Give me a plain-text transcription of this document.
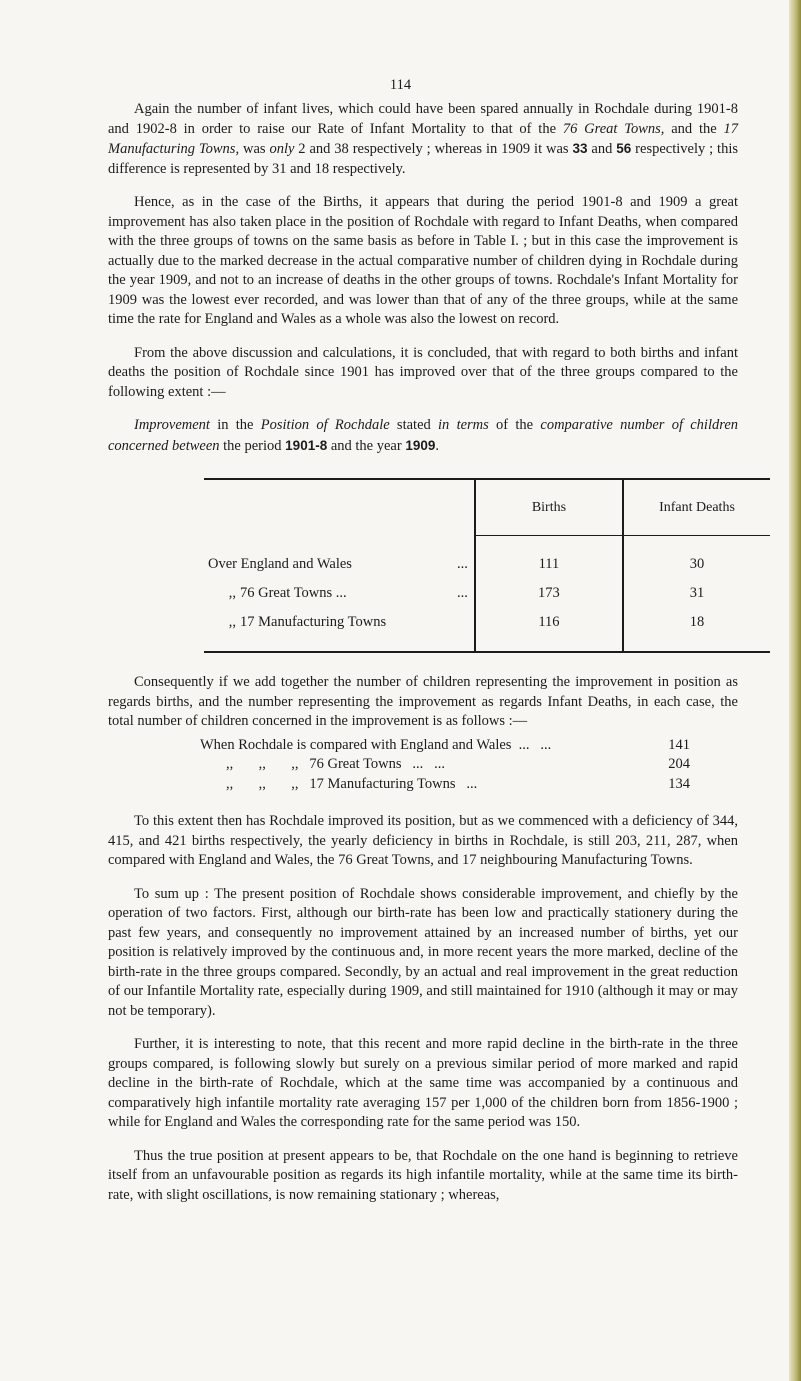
114

Again the number of infant lives, which could have been spared annually in Rochdale during 1901-8 and 1902-8 in order to raise our Rate of Infant Mortality to that of the 76 Great Towns, and the 17 Manufacturing Towns, was only 2 and 38 respectively ; whereas in 1909 it was 33 and 56 respectively ; this difference is represented by 31 and 18 respectively.

Hence, as in the case of the Births, it appears that during the period 1901-8 and 1909 a great improvement has also taken place in the position of Rochdale with regard to Infant Deaths, when compared with the three groups of towns on the same basis as before in Table I. ; but in this case the improvement is actually due to the marked decrease in the actual comparative number of children dying in Rochdale during the year 1909, and not to an increase of deaths in the other groups of towns. Rochdale's Infant Mortality for 1909 was the lowest ever recorded, and was lower than that of any of the three groups, while at the same time the rate for England and Wales as a whole was also the lowest on record.

From the above discussion and calculations, it is concluded, that with regard to both births and infant deaths the position of Rochdale since 1901 has improved over that of the three groups compared to the following extent :—

Improvement in the Position of Rochdale stated in terms of the comparative number of children concerned between the period 1901-8 and the year 1909.

	Births	Infant Deaths

Over England and Wales ...	111	30

,, 76 Great Towns ... ...	173	31

,, 17 Manufacturing Towns	116	18

Consequently if we add together the number of children representing the improvement in position as regards births, and the number representing the improvement as regards Infant Deaths, in each case, the total number of children concerned in the improvement is as follows :—

When Rochdale is compared with England and Wales  ...   ...	141
,,       ,,       ,,   76 Great Towns   ...   ...	204
,,       ,,       ,,   17 Manufacturing Towns   ...	134

To this extent then has Rochdale improved its position, but as we commenced with a deficiency of 344, 415, and 421 births respectively, the yearly deficiency in births in Rochdale, is still 203, 211, 287, when compared with England and Wales, the 76 Great Towns, and 17 neighbouring Manufacturing Towns.

To sum up : The present position of Rochdale shows considerable improvement, and chiefly by the operation of two factors. First, although our birth-rate has been low and practically stationery during the past few years, and consequently no improvement attained by an increased number of births, yet our position is relatively improved by the continuous and, in more recent years the more marked, decline of the birth-rate in the three groups compared. Secondly, by an actual and real improvement in the great reduction of our Infantile Mortality rate, especially during 1909, and still maintained for 1910 (although it may or may not be temporary).

Further, it is interesting to note, that this recent and more rapid decline in the birth-rate in the three groups compared, is following slowly but surely on a previous similar period of more marked and rapid decline in the birth-rate of Rochdale, which at the same time was accompanied by a continuous and comparatively high infantile mortality rate averaging 157 per 1,000 of the children born from 1856-1900 ; while for England and Wales the corresponding rate for the same period was 150.

Thus the true position at present appears to be, that Rochdale on the one hand is beginning to retrieve itself from an unfavourable position as regards its high infantile mortality, while at the same time its birth-rate, with slight oscillations, is now remaining stationary ; whereas,
